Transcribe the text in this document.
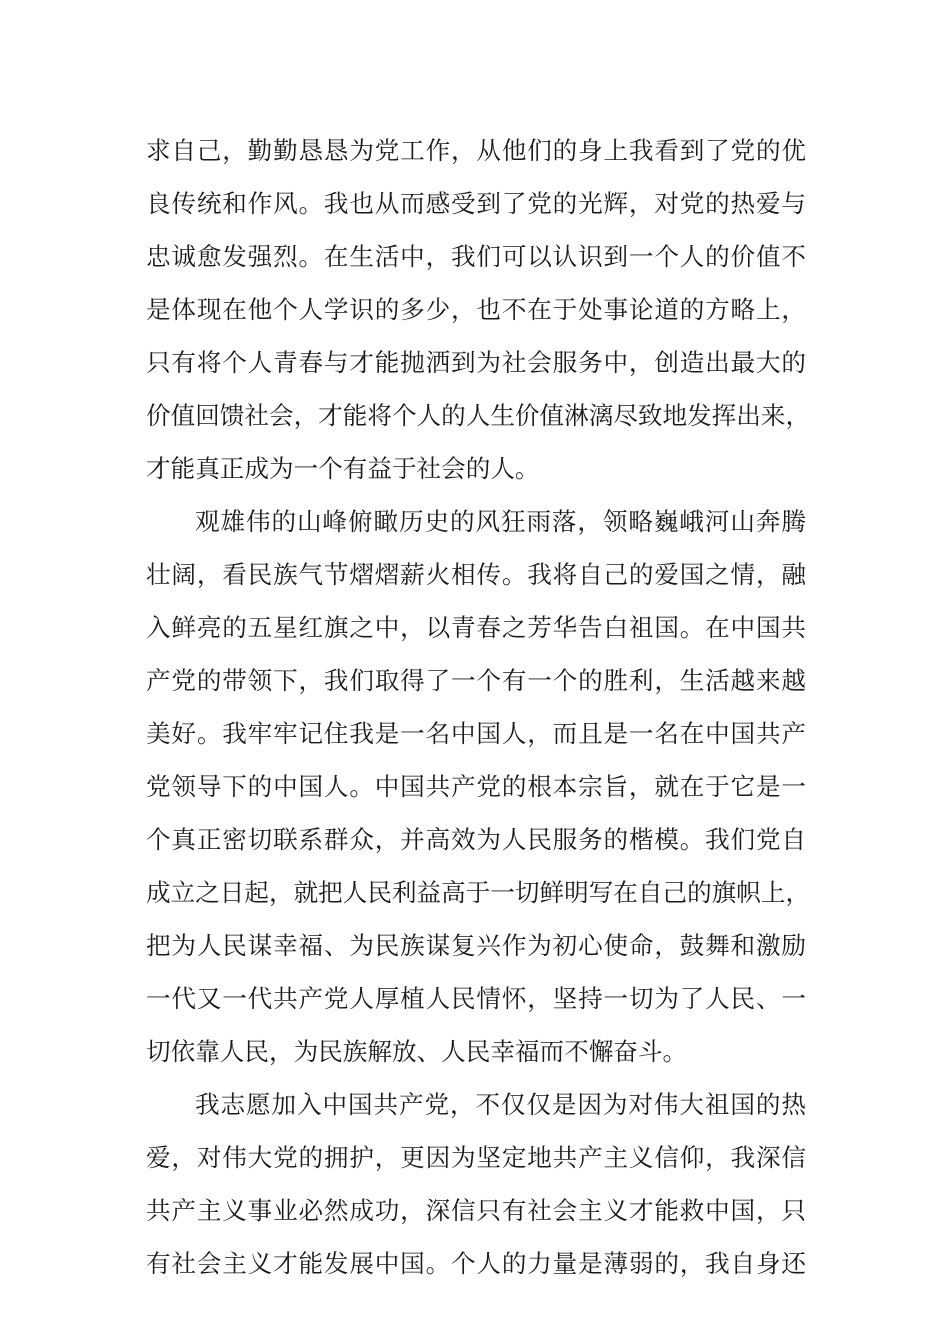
求自己，勤勤恳恳为党工作，从他们的身上我看到了党的优
良传统和作风。我也从而感受到了党的光辉，对党的热爱与
忠诚愈发强烈。在生活中，我们可以认识到一个人的价值不
是体现在他个人学识的多少，也不在于处事论道的方略上，
只有将个人青春与才能抛洒到为社会服务中，创造出最大的
价值回馈社会，才能将个人的人生价值淋漓尽致地发挥出来，
才能真正成为一个有益于社会的人。
观雄伟的山峰俯瞰历史的风狂雨落，领略巍峨河山奔腾
壮阔，看民族气节熠熠薪火相传。我将自己的爱国之情，融
入鲜亮的五星红旗之中，以青春之芳华告白祖国。在中国共
产党的带领下，我们取得了一个有一个的胜利，生活越来越
美好。我牢牢记住我是一名中国人，而且是一名在中国共产
党领导下的中国人。中国共产党的根本宗旨，就在于它是一
个真正密切联系群众，并高效为人民服务的楷模。我们党自
成立之日起，就把人民利益高于一切鲜明写在自己的旗帜上，
把为人民谋幸福、为民族谋复兴作为初心使命，鼓舞和激励
一代又一代共产党人厚植人民情怀，坚持一切为了人民、一
切依靠人民，为民族解放、人民幸福而不懈奋斗。
我志愿加入中国共产党，不仅仅是因为对伟大祖国的热
爱，对伟大党的拥护，更因为坚定地共产主义信仰，我深信
共产主义事业必然成功，深信只有社会主义才能救中国，只
有社会主义才能发展中国。个人的力量是薄弱的，我自身还
